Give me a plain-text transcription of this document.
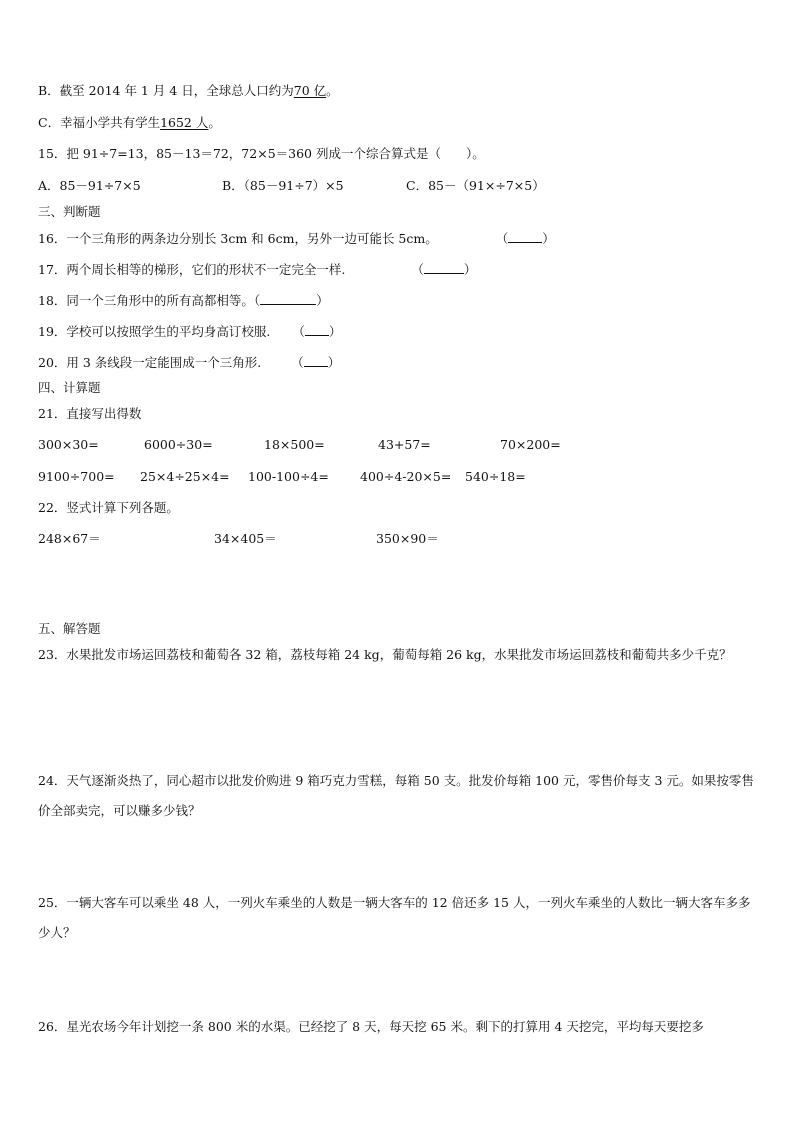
B．截至 2014 年 1 月 4 日，全球总人口约为70 亿。
C．幸福小学共有学生1652 人。
15．把 91÷7=13，85－13＝72，72×5＝360 列成一个综合算式是（　　）。
A．85－91÷7×5	B．（85－91÷7）×5	C．85－（91×÷7×5）
三、判断题
16．一个三角形的两条边分别长 3cm 和 6cm，另外一边可能长 5cm。	（	）
17．两个周长相等的梯形，它们的形状不一定完全一样.	（	）
18．同一个三角形中的所有高都相等。（	）
19．学校可以按照学生的平均身高订校服. （ ）
20．用 3 条线段一定能围成一个三角形. （ ）
四、计算题
21．直接写出得数
300×30=	6000÷30=	18×500=	43+57=	70×200=
9100÷700= 25×4÷25×4= 100-100÷4= 400÷4-20×5= 540÷18=
22．竖式计算下列各题。
248×67＝	34×405＝	350×90＝
五、解答题
23．水果批发市场运回荔枝和葡萄各 32 箱，荔枝每箱 24 kg，葡萄每箱 26 kg，水果批发市场运回荔枝和葡萄共多少千克？
24．天气逐渐炎热了，同心超市以批发价购进 9 箱巧克力雪糕，每箱 50 支。批发价每箱 100 元，零售价每支 3 元。如果按零售价全部卖完，可以赚多少钱？
25．一辆大客车可以乘坐 48 人，一列火车乘坐的人数是一辆大客车的 12 倍还多 15 人，一列火车乘坐的人数比一辆大客车多多少人？
26．星光农场今年计划挖一条 800 米的水渠。已经挖了 8 天，每天挖 65 米。剩下的打算用 4 天挖完，平均每天要挖多
